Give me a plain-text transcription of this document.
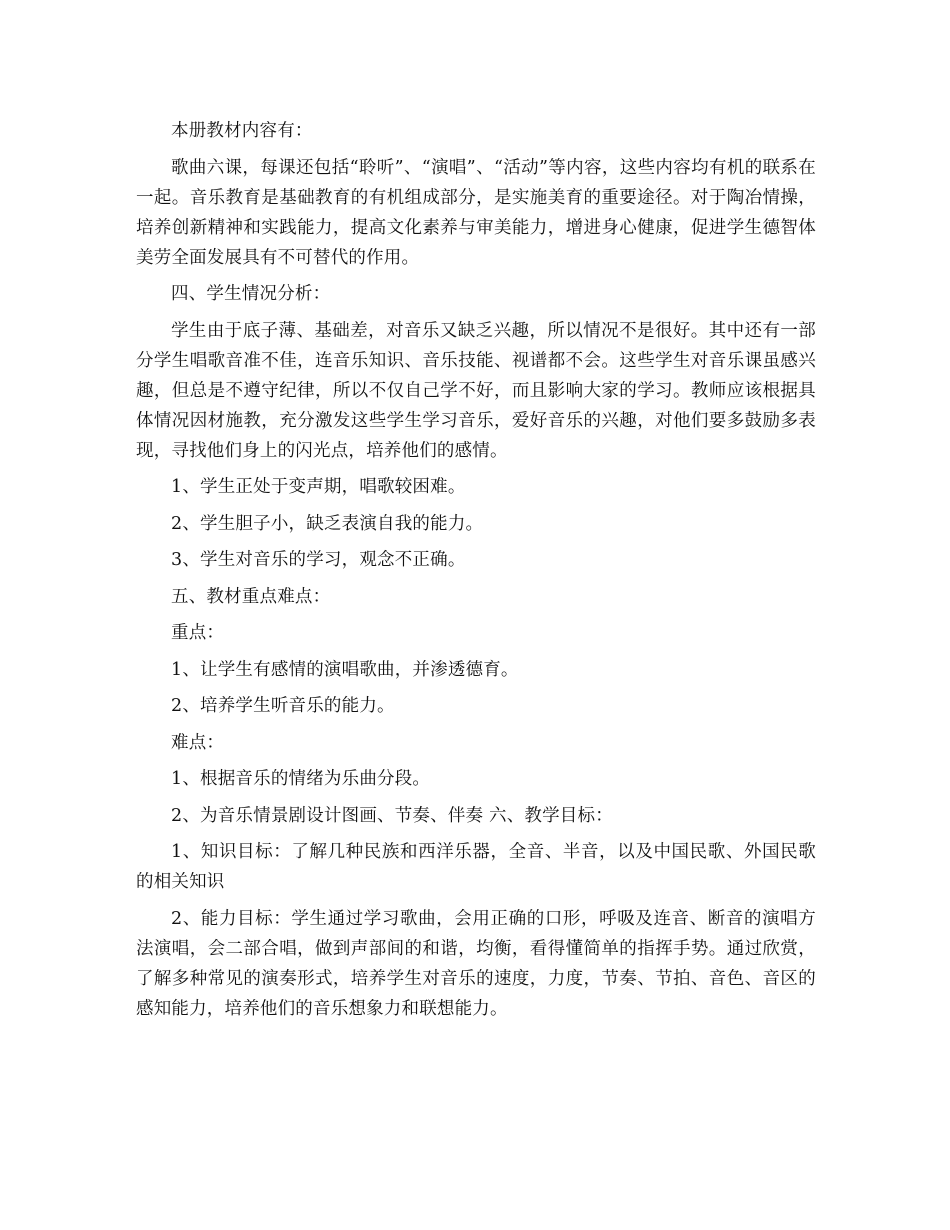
本册教材内容有：

歌曲六课，每课还包括“聆听”、“演唱”、“活动”等内容，这些内容均有机的联系在一起。音乐教育是基础教育的有机组成部分，是实施美育的重要途径。对于陶冶情操，培养创新精神和实践能力，提高文化素养与审美能力，增进身心健康，促进学生德智体美劳全面发展具有不可替代的作用。

四、学生情况分析：

学生由于底子薄、基础差，对音乐又缺乏兴趣，所以情况不是很好。其中还有一部分学生唱歌音准不佳，连音乐知识、音乐技能、视谱都不会。这些学生对音乐课虽感兴趣，但总是不遵守纪律，所以不仅自己学不好，而且影响大家的学习。教师应该根据具体情况因材施教，充分激发这些学生学习音乐，爱好音乐的兴趣，对他们要多鼓励多表现，寻找他们身上的闪光点，培养他们的感情。

1、学生正处于变声期，唱歌较困难。

2、学生胆子小，缺乏表演自我的能力。

3、学生对音乐的学习，观念不正确。

五、教材重点难点：

重点：

1、让学生有感情的演唱歌曲，并渗透德育。

2、培养学生听音乐的能力。

难点：

1、根据音乐的情绪为乐曲分段。

2、为音乐情景剧设计图画、节奏、伴奏 六、教学目标：

1、知识目标：了解几种民族和西洋乐器，全音、半音，以及中国民歌、外国民歌的相关知识

2、能力目标：学生通过学习歌曲，会用正确的口形，呼吸及连音、断音的演唱方法演唱，会二部合唱，做到声部间的和谐，均衡，看得懂简单的指挥手势。通过欣赏，了解多种常见的演奏形式，培养学生对音乐的速度，力度，节奏、节拍、音色、音区的感知能力，培养他们的音乐想象力和联想能力。
